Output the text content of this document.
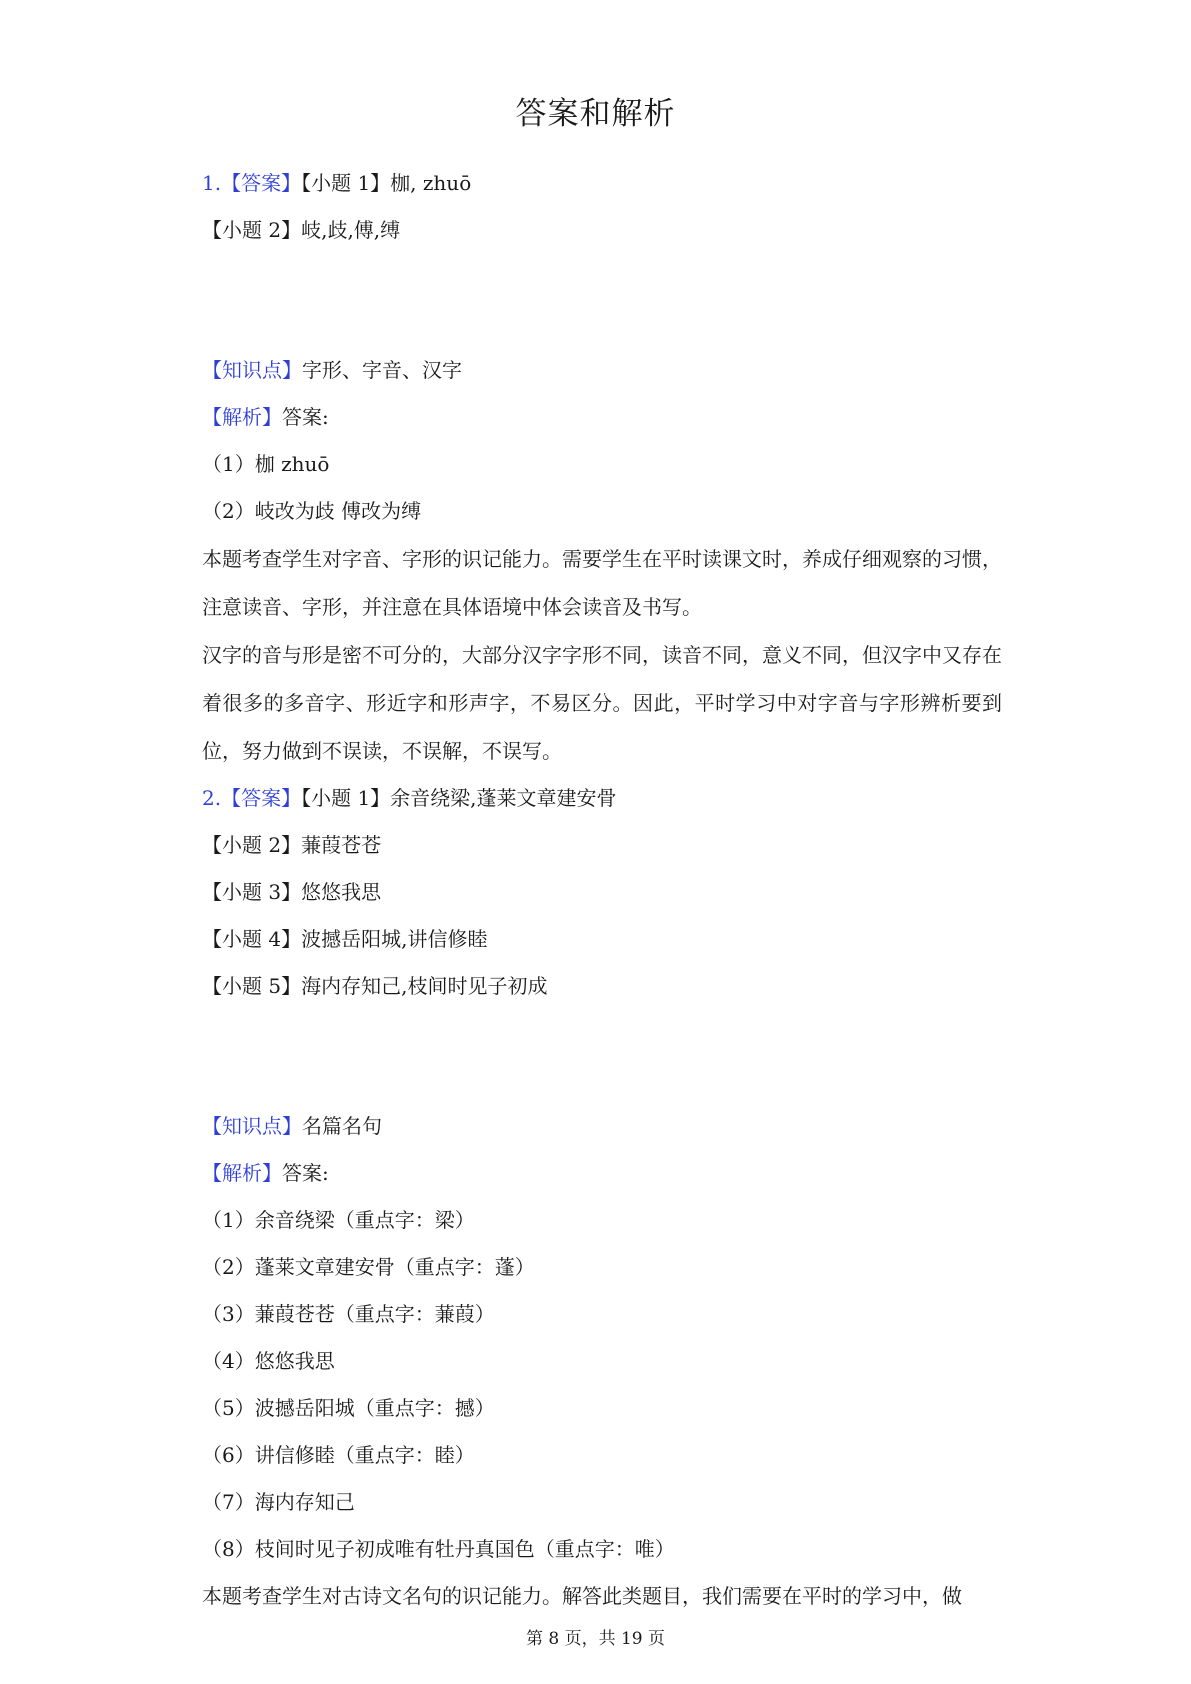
答案和解析
1.【答案】【小题 1】枷, zhuō
【小题 2】岐,歧,傅,缚
【知识点】字形、字音、汉字
【解析】答案:
（1）枷 zhuō
（2）岐改为歧 傅改为缚
本题考查学生对字音、字形的识记能力。需要学生在平时读课文时，养成仔细观察的习惯，注意读音、字形，并注意在具体语境中体会读音及书写。
汉字的音与形是密不可分的，大部分汉字字形不同，读音不同，意义不同，但汉字中又存在着很多的多音字、形近字和形声字，不易区分。因此，平时学习中对字音与字形辨析要到位，努力做到不误读，不误解，不误写。
2.【答案】【小题 1】余音绕梁,蓬莱文章建安骨
【小题 2】蒹葭苍苍
【小题 3】悠悠我思
【小题 4】波撼岳阳城,讲信修睦
【小题 5】海内存知己,枝间时见子初成
【知识点】名篇名句
【解析】答案:
（1）余音绕梁（重点字：梁）
（2）蓬莱文章建安骨（重点字：蓬）
（3）蒹葭苍苍（重点字：蒹葭）
（4）悠悠我思
（5）波撼岳阳城（重点字：撼）
（6）讲信修睦（重点字：睦）
（7）海内存知己
（8）枝间时见子初成唯有牡丹真国色（重点字：唯）
本题考查学生对古诗文名句的识记能力。解答此类题目，我们需要在平时的学习中，做
第 8 页，共 19 页
